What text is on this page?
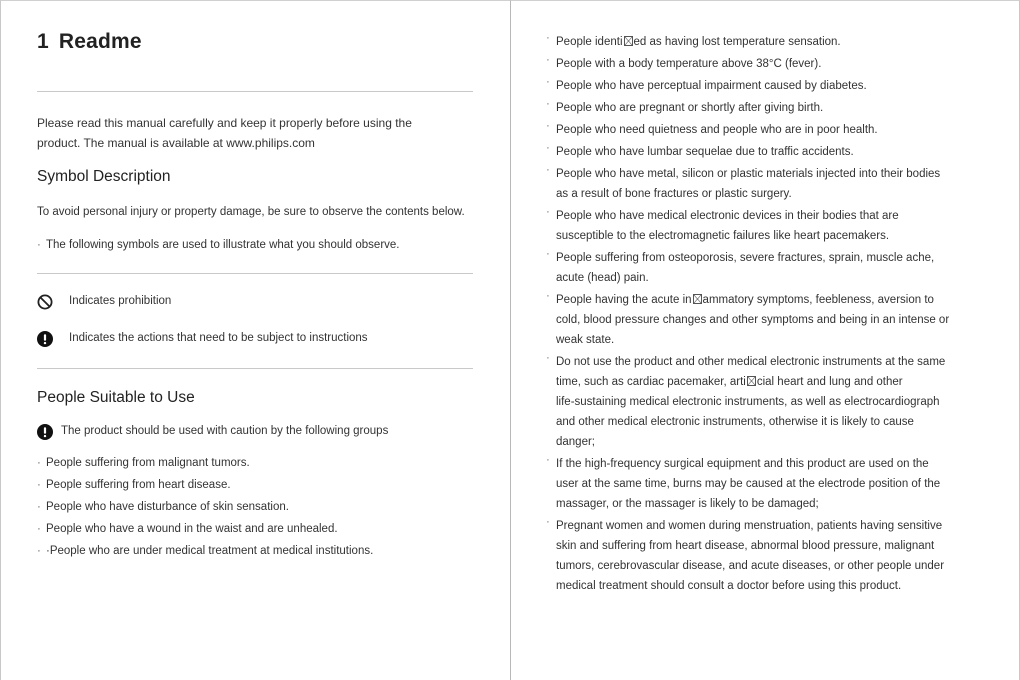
1 Readme
Please read this manual carefully and keep it properly before using the
product. The manual is available at www.philips.com
Symbol Description
To avoid personal injury or property damage, be sure to observe the contents below.
· The following symbols are used to illustrate what you should observe.
Indicates prohibition
Indicates the actions that need to be subject to instructions
People Suitable to Use
The product should be used with caution by the following groups
· People suffering from malignant tumors.
· People suffering from heart disease.
· People who have disturbance of skin sensation.
· People who have a wound in the waist and are unhealed.
· ·People who are under medical treatment at medical institutions.
· People identi ed as having lost temperature sensation.
· People with a body temperature above 38°C (fever).
· People who have perceptual impairment caused by diabetes.
· People who are pregnant or shortly after giving birth.
· People who need quietness and people who are in poor health.
· People who have lumbar sequelae due to traffic accidents.
· People who have metal, silicon or plastic materials injected into their bodies
as a result of bone fractures or plastic surgery.
· People who have medical electronic devices in their bodies that are
susceptible to the electromagnetic failures like heart pacemakers.
· People suffering from osteoporosis, severe fractures, sprain, muscle ache,
acute (head) pain.
· People having the acute in ammatory symptoms, feebleness, aversion to
cold, blood pressure changes and other symptoms and being in an intense or
weak state.
· Do not use the product and other medical electronic instruments at the same
time, such as cardiac pacemaker, arti cial heart and lung and other
life-sustaining medical electronic instruments, as well as electrocardiograph
and other medical electronic instruments, otherwise it is likely to cause
danger;
· If the high-frequency surgical equipment and this product are used on the
user at the same time, burns may be caused at the electrode position of the
massager, or the massager is likely to be damaged;
· Pregnant women and women during menstruation, patients having sensitive
skin and suffering from heart disease, abnormal blood pressure, malignant
tumors, cerebrovascular disease, and acute diseases, or other people under
medical treatment should consult a doctor before using this product.
